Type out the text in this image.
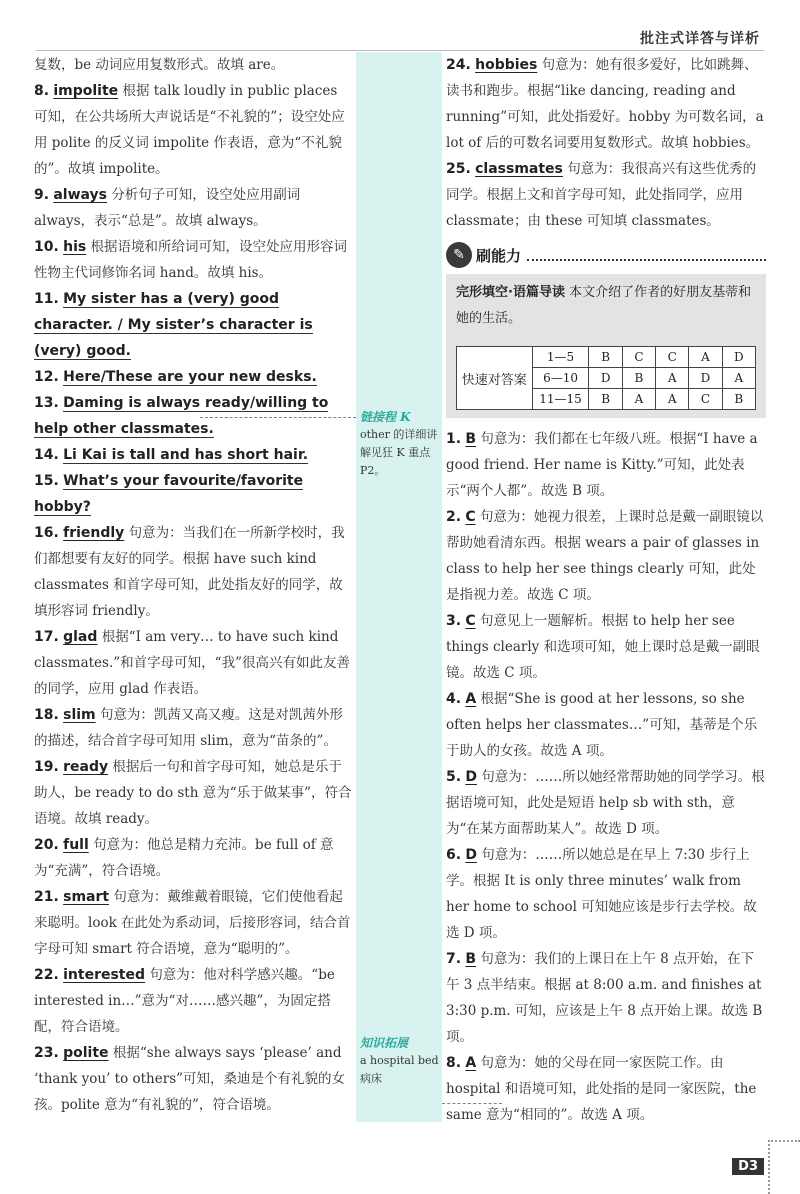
批注式详答与详析
链接程 K
other 的详细讲解见狂 K 重点 P2。
知识拓展
a hospital bed 病床

复数，be 动词应用复数形式。故填 are。

8. impolite 根据 talk loudly in public places 可知，在公共场所大声说话是“不礼貌的”；设空处应用 polite 的反义词 impolite 作表语，意为“不礼貌的”。故填 impolite。

9. always 分析句子可知，设空处应用副词 always，表示“总是”。故填 always。

10. his 根据语境和所给词可知，设空处应用形容词性物主代词修饰名词 hand。故填 his。

11. My sister has a (very) good character. / My sister’s character is (very) good.

12. Here/These are your new desks.

13. Daming is always ready/willing to help other classmates.

14. Li Kai is tall and has short hair.

15. What’s your favourite/favorite hobby?

16. friendly 句意为：当我们在一所新学校时，我们都想要有友好的同学。根据 have such kind classmates 和首字母可知，此处指友好的同学，故填形容词 friendly。

17. glad 根据“I am very… to have such kind classmates.”和首字母可知，“我”很高兴有如此友善的同学，应用 glad 作表语。

18. slim 句意为：凯茜又高又瘦。这是对凯茜外形的描述，结合首字母可知用 slim，意为“苗条的”。

19. ready 根据后一句和首字母可知，她总是乐于助人，be ready to do sth 意为“乐于做某事”，符合语境。故填 ready。

20. full 句意为：他总是精力充沛。be full of 意为“充满”，符合语境。

21. smart 句意为：戴维戴着眼镜，它们使他看起来聪明。look 在此处为系动词，后接形容词，结合首字母可知 smart 符合语境，意为“聪明的”。

22. interested 句意为：他对科学感兴趣。“be interested in…”意为“对……感兴趣”，为固定搭配，符合语境。

23. polite 根据“she always says ‘please’ and ‘thank you’ to others”可知，桑迪是个有礼貌的女孩。polite 意为“有礼貌的”，符合语境。

24. hobbies 句意为：她有很多爱好，比如跳舞、读书和跑步。根据“like dancing, reading and running”可知，此处指爱好。hobby 为可数名词，a lot of 后的可数名词要用复数形式。故填 hobbies。

25. classmates 句意为：我很高兴有这些优秀的同学。根据上文和首字母可知，此处指同学，应用 classmate；由 these 可知填 classmates。

✎ 刷能力
完形填空·语篇导读 本文介绍了作者的好朋友基蒂和她的生活。
快速对答案	1—5	B	C	C	A	D
	6—10	D	B	A	D	A
	11—15	B	A	A	C	B

1. B 句意为：我们都在七年级八班。根据“I have a good friend. Her name is Kitty.”可知，此处表示“两个人都”。故选 B 项。

2. C 句意为：她视力很差，上课时总是戴一副眼镜以帮助她看清东西。根据 wears a pair of glasses in class to help her see things clearly 可知，此处是指视力差。故选 C 项。

3. C 句意见上一题解析。根据 to help her see things clearly 和选项可知，她上课时总是戴一副眼镜。故选 C 项。

4. A 根据“She is good at her lessons, so she often helps her classmates…”可知，基蒂是个乐于助人的女孩。故选 A 项。

5. D 句意为：……所以她经常帮助她的同学学习。根据语境可知，此处是短语 help sb with sth，意为“在某方面帮助某人”。故选 D 项。

6. D 句意为：……所以她总是在早上 7:30 步行上学。根据 It is only three minutes’ walk from her home to school 可知她应该是步行去学校。故选 D 项。

7. B 句意为：我们的上课日在上午 8 点开始，在下午 3 点半结束。根据 at 8:00 a.m. and finishes at 3:30 p.m. 可知，应该是上午 8 点开始上课。故选 B 项。

8. A 句意为：她的父母在同一家医院工作。由 hospital 和语境可知，此处指的是同一家医院，the same 意为“相同的”。故选 A 项。

D3
